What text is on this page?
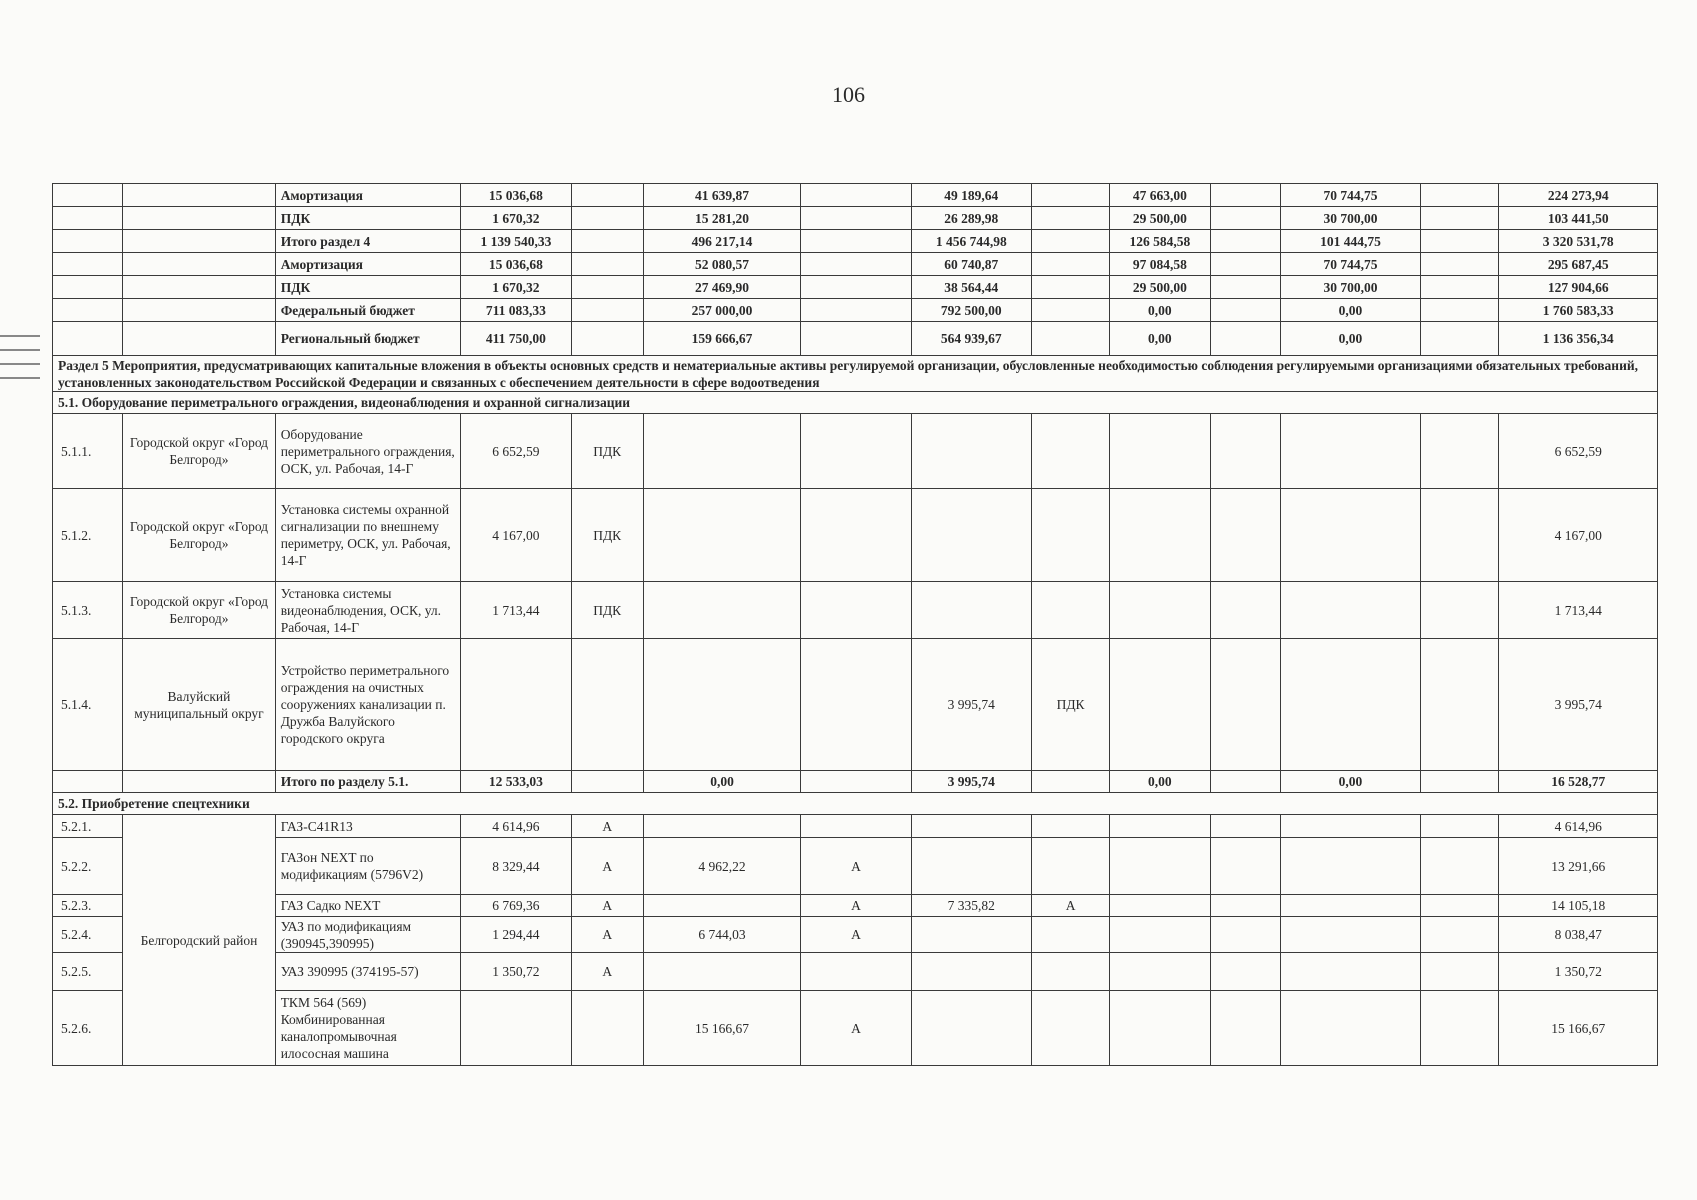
106
		Амортизация	15 036,68		41 639,87		49 189,64		47 663,00		70 744,75		224 273,94
		ПДК	1 670,32		15 281,20		26 289,98		29 500,00		30 700,00		103 441,50
		Итого раздел 4	1 139 540,33		496 217,14		1 456 744,98		126 584,58		101 444,75		3 320 531,78
		Амортизация	15 036,68		52 080,57		60 740,87		97 084,58		70 744,75		295 687,45
		ПДК	1 670,32		27 469,90		38 564,44		29 500,00		30 700,00		127 904,66
		Федеральный бюджет	711 083,33		257 000,00		792 500,00		0,00		0,00		1 760 583,33
		Региональный бюджет	411 750,00		159 666,67		564 939,67		0,00		0,00		1 136 356,34
Раздел 5 Мероприятия, предусматривающих капитальные вложения в объекты основных средств и нематериальные активы регулируемой организации, обусловленные необходимостью соблюдения регулируемыми организациями обязательных требований, установленных законодательством Российской Федерации и связанных с обеспечением деятельности в сфере водоотведения													
5.1. Оборудование периметрального ограждения, видеонаблюдения и охранной сигнализации													
5.1.1.	Городской округ «Город Белгород»	Оборудование периметрального ограждения, ОСК, ул. Рабочая, 14-Г	6 652,59	ПДК									6 652,59
5.1.2.	Городской округ «Город Белгород»	Установка системы охранной сигнализации по внешнему периметру, ОСК, ул. Рабочая, 14-Г	4 167,00	ПДК									4 167,00
5.1.3.	Городской округ «Город Белгород»	Установка системы видеонаблюдения, ОСК, ул. Рабочая, 14-Г	1 713,44	ПДК									1 713,44
5.1.4.	Валуйский муниципальный округ	Устройство периметрального ограждения на очистных сооружениях канализации п. Дружба Валуйского городского округа					3 995,74	ПДК					3 995,74
		Итого по разделу 5.1.	12 533,03		0,00		3 995,74		0,00		0,00		16 528,77
5.2. Приобретение спецтехники													
5.2.1.	Белгородский район	ГАЗ-C41R13	4 614,96	А									4 614,96
5.2.2.		ГАЗон NEXT по модификациям (5796V2)	8 329,44	А	4 962,22	А							13 291,66
5.2.3.		ГАЗ Садко NEXT	6 769,36	А		А	7 335,82	А					14 105,18
5.2.4.		УАЗ по модификациям (390945,390995)	1 294,44	А	6 744,03	А							8 038,47
5.2.5.		УАЗ 390995 (374195-57)	1 350,72	А									1 350,72
5.2.6.		ТКМ 564 (569) Комбинированная каналопромывочная илососная машина			15 166,67	А							15 166,67
